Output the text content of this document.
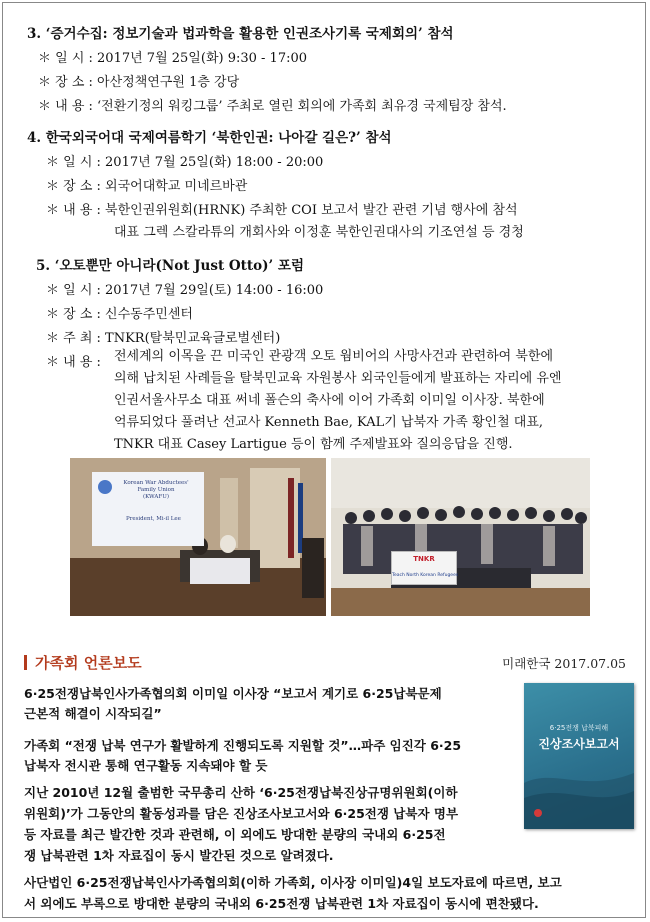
3. ‘증거수집: 정보기술과 법과학을 활용한 인권조사기록 국제회의’ 참석
＊ 일 시 : 2017년 7월 25일(화) 9:30 - 17:00
＊ 장 소 : 아산정책연구원 1층 강당
＊ 내 용 : ‘전환기정의 워킹그룹’ 주최로 열린 회의에 가족회 최유경 국제팀장 참석.
4. 한국외국어대 국제여름학기 ‘북한인권: 나아갈 길은?’ 참석
＊ 일 시 : 2017년 7월 25일(화) 18:00 - 20:00
＊ 장 소 : 외국어대학교 미네르바관
＊ 내 용 : 북한인권위원회(HRNK) 주최한 COI 보고서 발간 관련 기념 행사에 참석
대표 그렉 스칼라튜의 개회사와 이정훈 북한인권대사의 기조연설 등 경청
5. ‘오토뿐만 아니라(Not Just Otto)’ 포럼
＊ 일 시 : 2017년 7월 29일(토) 14:00 - 16:00
＊ 장 소 : 신수동주민센터
＊ 주 최 : TNKR(탈북민교육글로벌센터)
＊ 내 용 : 전세계의 이목을 끈 미국인 관광객 오토 웜비어의 사망사건과 관련하여 북한에
의해 납치된 사례들을 탈북민교육 자원봉사 외국인들에게 발표하는 자리에 유엔
인권서울사무소 대표 써네 폴슨의 축사에 이어 가족회 이미일 이사장. 북한에
억류되었다 풀려난 선교사 Kenneth Bae, KAL기 납북자 가족 황인철 대표,
TNKR 대표 Casey Lartigue 등이 함께 주제발표와 질의응답을 진행.
Korean War Abductees'
Family Union
(KWAFU)
President, Mi-il Lee
TNKR
Teach North Korean Refugees
가족회 언론보도	미래한국 2017.07.05
6·25전쟁납북인사가족협의회 이미일 이사장 “보고서 계기로 6·25납북문제
근본적 해결이 시작되길”
가족회 “전쟁 납북 연구가 활발하게 진행되도록 지원할 것”…파주 임진각 6·25
납북자 전시관 통해 연구활동 지속돼야 할 듯
지난 2010년 12월 출범한 국무총리 산하 ‘6·25전쟁납북진상규명위원회(이하
위원회)’가 그동안의 활동성과를 담은 진상조사보고서와 6·25전쟁 납북자 명부
등 자료를 최근 발간한 것과 관련해, 이 외에도 방대한 분량의 국내외 6·25전
쟁 납북관련 1차 자료집이 동시 발간된 것으로 알려졌다.
사단법인 6·25전쟁납북인사가족협의회(이하 가족회, 이사장 이미일)4일 보도자료에 따르면, 보고
서 외에도 부록으로 방대한 분량의 국내외 6·25전쟁 납북관련 1차 자료집이 동시에 편찬됐다.
6·25전쟁 납북피해
진상조사보고서
